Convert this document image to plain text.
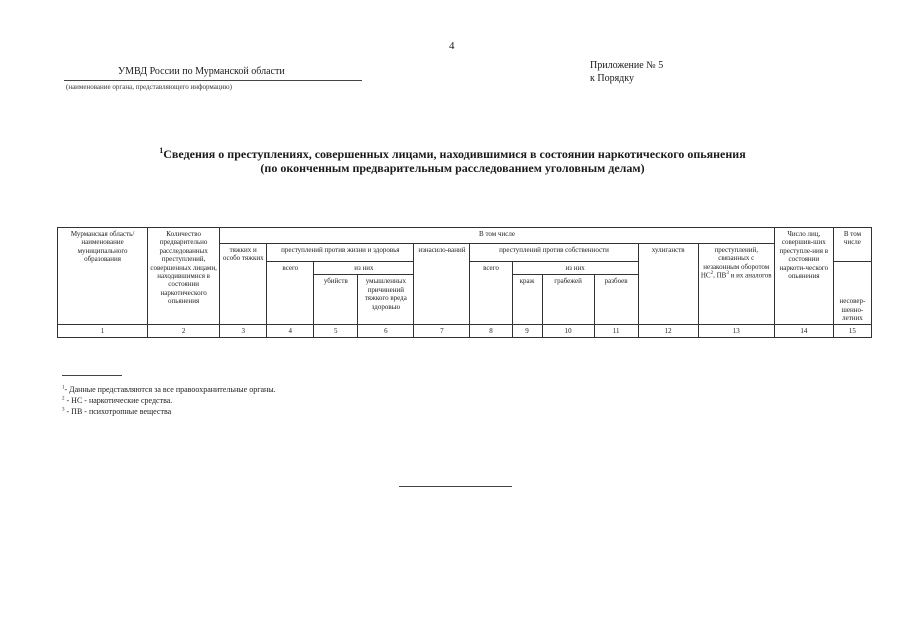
4
УМВД России по Мурманской области
(наименование органа, представляющего информацию)
Приложение № 5
к Порядку
$^1$Сведения о преступлениях, совершенных лицами, находившимися в состоянии наркотического опьянения
(по оконченным предварительным расследованием уголовным делам)
Мурманская область/ наименование муниципального образования	Количество предварительно расследованных преступлений, совершенных лицами, находившимися в состоянии наркотического опьянения	В том числе											Число лиц, совершив-ших преступле-ния в состоянии наркоти-ческого опьянения	В том числе
		тяжких и особо тяжких	преступлений против жизни и здоровья			изнасило-ваний	преступлений против собственности				хулиганств	преступлений, связанных с незаконным оборотом $НС^2$, $ПВ^3$ и их аналогов		
			всего	из них			всего	из них						несовер-шенно-летних
				убийств	умышленных причинений тяжкого вреда здоровью			краж	грабежей	разбоев				
1	2	3	4	5	6	7	8	9	10	11	12	13	14	15
$^1$- Данные представляются за все правоохранительные органы.
$^2$ - НС - наркотические средства.
$^3$ - ПВ - психотропные вещества
